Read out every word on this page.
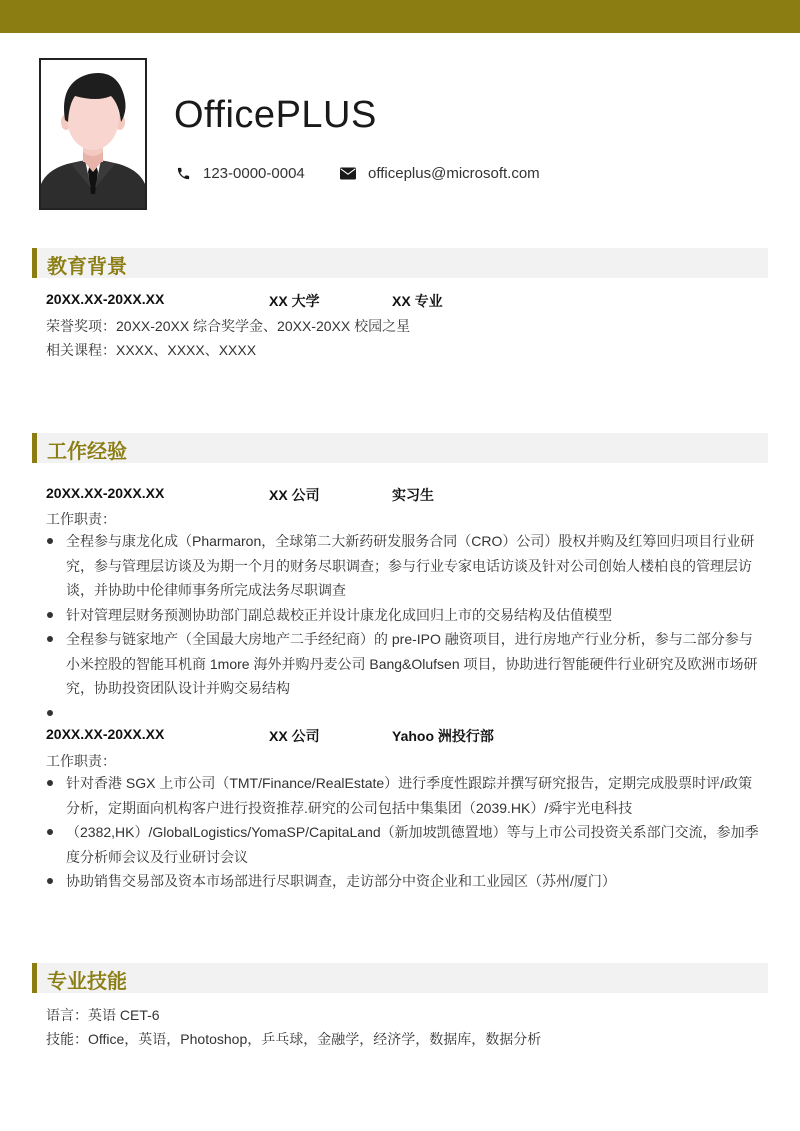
OfficePLUS
123-0000-0004	officeplus@microsoft.com
教育背景
20XX.XX-20XX.XX	XX 大学	XX 专业
荣誉奖项：20XX-20XX 综合奖学金、20XX-20XX 校园之星
相关课程：XXXX、XXXX、XXXX
工作经验
20XX.XX-20XX.XX	XX 公司	实习生
工作职责：
全程参与康龙化成（Pharmaron，全球第二大新药研发服务合同（CRO）公司）股权并购及红筹回归项目行业研究，参与管理层访谈及为期一个月的财务尽职调查；参与行业专家电话访谈及针对公司创始人楼柏良的管理层访谈，并协助中伦律师事务所完成法务尽职调查
针对管理层财务预测协助部门副总裁校正并设计康龙化成回归上市的交易结构及估值模型
全程参与链家地产（全国最大房地产二手经纪商）的 pre-IPO 融资项目，进行房地产行业分析，参与二部分参与小米控股的智能耳机商 1more 海外并购丹麦公司 Bang&Olufsen 项目，协助进行智能硬件行业研究及欧洲市场研究，协助投资团队设计并购交易结构
20XX.XX-20XX.XX	XX 公司	Yahoo 洲投行部
工作职责：
针对香港 SGX 上市公司（TMT/Finance/RealEstate）进行季度性跟踪并撰写研究报告，定期完成股票时评/政策分析，定期面向机构客户进行投资推荐.研究的公司包括中集集团（2039.HK）/舜宇光电科技
（2382,HK）/GlobalLogistics/YomaSP/CapitaLand（新加坡凯德置地）等与上市公司投资关系部门交流，参加季度分析师会议及行业研讨会议
协助销售交易部及资本市场部进行尽职调查，走访部分中资企业和工业园区（苏州/厦门）
专业技能
语言：英语 CET-6
技能：Office，英语，Photoshop，乒乓球，金融学，经济学，数据库，数据分析
